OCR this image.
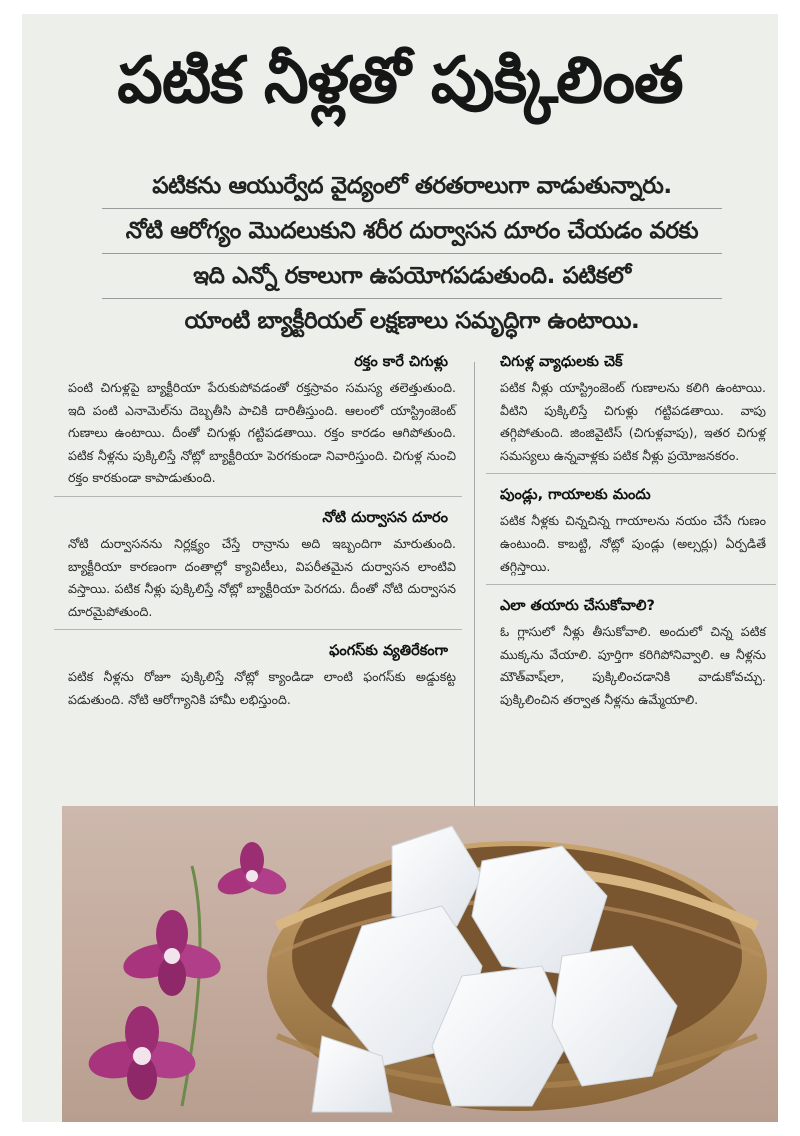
పటిక నీళ్లతో పుక్కిలింత
పటికను ఆయుర్వేద వైద్యంలో తరతరాలుగా వాడుతున్నారు.
నోటి ఆరోగ్యం మొదలుకుని శరీర దుర్వాసన దూరం చేయడం వరకు
ఇది ఎన్నో రకాలుగా ఉపయోగపడుతుంది. పటికలో
యాంటి బ్యాక్టీరియల్ లక్షణాలు సమృద్ధిగా ఉంటాయి.
రక్తం కారే చిగుళ్లు

పంటి చిగుళ్లపై బ్యాక్టీరియా పేరుకుపోవడంతో రక్తస్రావం సమస్య తలెత్తుతుంది. ఇది పంటి ఎనామెల్‌ను దెబ్బతీసి పాచికి దారితీస్తుంది. ఆలంలో యాస్ట్రింజెంట్ గుణాలు ఉంటాయి. దీంతో చిగుళ్లు గట్టిపడతాయి. రక్తం కారడం ఆగిపోతుంది. పటిక నీళ్లను పుక్కిలిస్తే నోట్లో బ్యాక్టీరియా పెరగకుండా నివారిస్తుంది. చిగుళ్ల నుంచి రక్తం కారకుండా కాపాడుతుంది.

నోటి దుర్వాసన దూరం

నోటి దుర్వాసనను నిర్లక్ష్యం చేస్తే రాన్రాను అది ఇబ్బందిగా మారుతుంది. బ్యాక్టీరియా కారణంగా దంతాల్లో క్యావిటీలు, విపరీతమైన దుర్వాసన లాంటివి వస్తాయి. పటిక నీళ్లు పుక్కిలిస్తే నోట్లో బ్యాక్టీరియా పెరగదు. దీంతో నోటి దుర్వాసన దూరమైపోతుంది.

ఫంగస్‌కు వ్యతిరేకంగా

పటిక నీళ్లను రోజూ పుక్కిలిస్తే నోట్లో క్యాండిడా లాంటి ఫంగస్‌కు అడ్డుకట్ట పడుతుంది. నోటి ఆరోగ్యానికి హామీ లభిస్తుంది.

చిగుళ్ల వ్యాధులకు చెక్

పటిక నీళ్లు యాస్ట్రింజెంట్ గుణాలను కలిగి ఉంటాయి. వీటిని పుక్కిలిస్తే చిగుళ్లు గట్టిపడతాయి. వాపు తగ్గిపోతుంది. జింజివైటిస్ (చిగుళ్లవాపు), ఇతర చిగుళ్ల సమస్యలు ఉన్నవాళ్లకు పటిక నీళ్లు ప్రయోజనకరం.

పుండ్లు, గాయాలకు మందు

పటిక నీళ్లకు చిన్నచిన్న గాయాలను నయం చేసే గుణం ఉంటుంది. కాబట్టి, నోట్లో పుండ్లు (అల్సర్లు) ఏర్పడితే తగ్గిస్తాయి.

ఎలా తయారు చేసుకోవాలి?

ఓ గ్లాసులో నీళ్లు తీసుకోవాలి. అందులో చిన్న పటిక ముక్కను వేయాలి. పూర్తిగా కరిగిపోనివ్వాలి. ఆ నీళ్లను మౌత్‌వాష్‌లా, పుక్కిలించడానికి వాడుకోవచ్చు. పుక్కిలించిన తర్వాత నీళ్లను ఉమ్మేయాలి.
